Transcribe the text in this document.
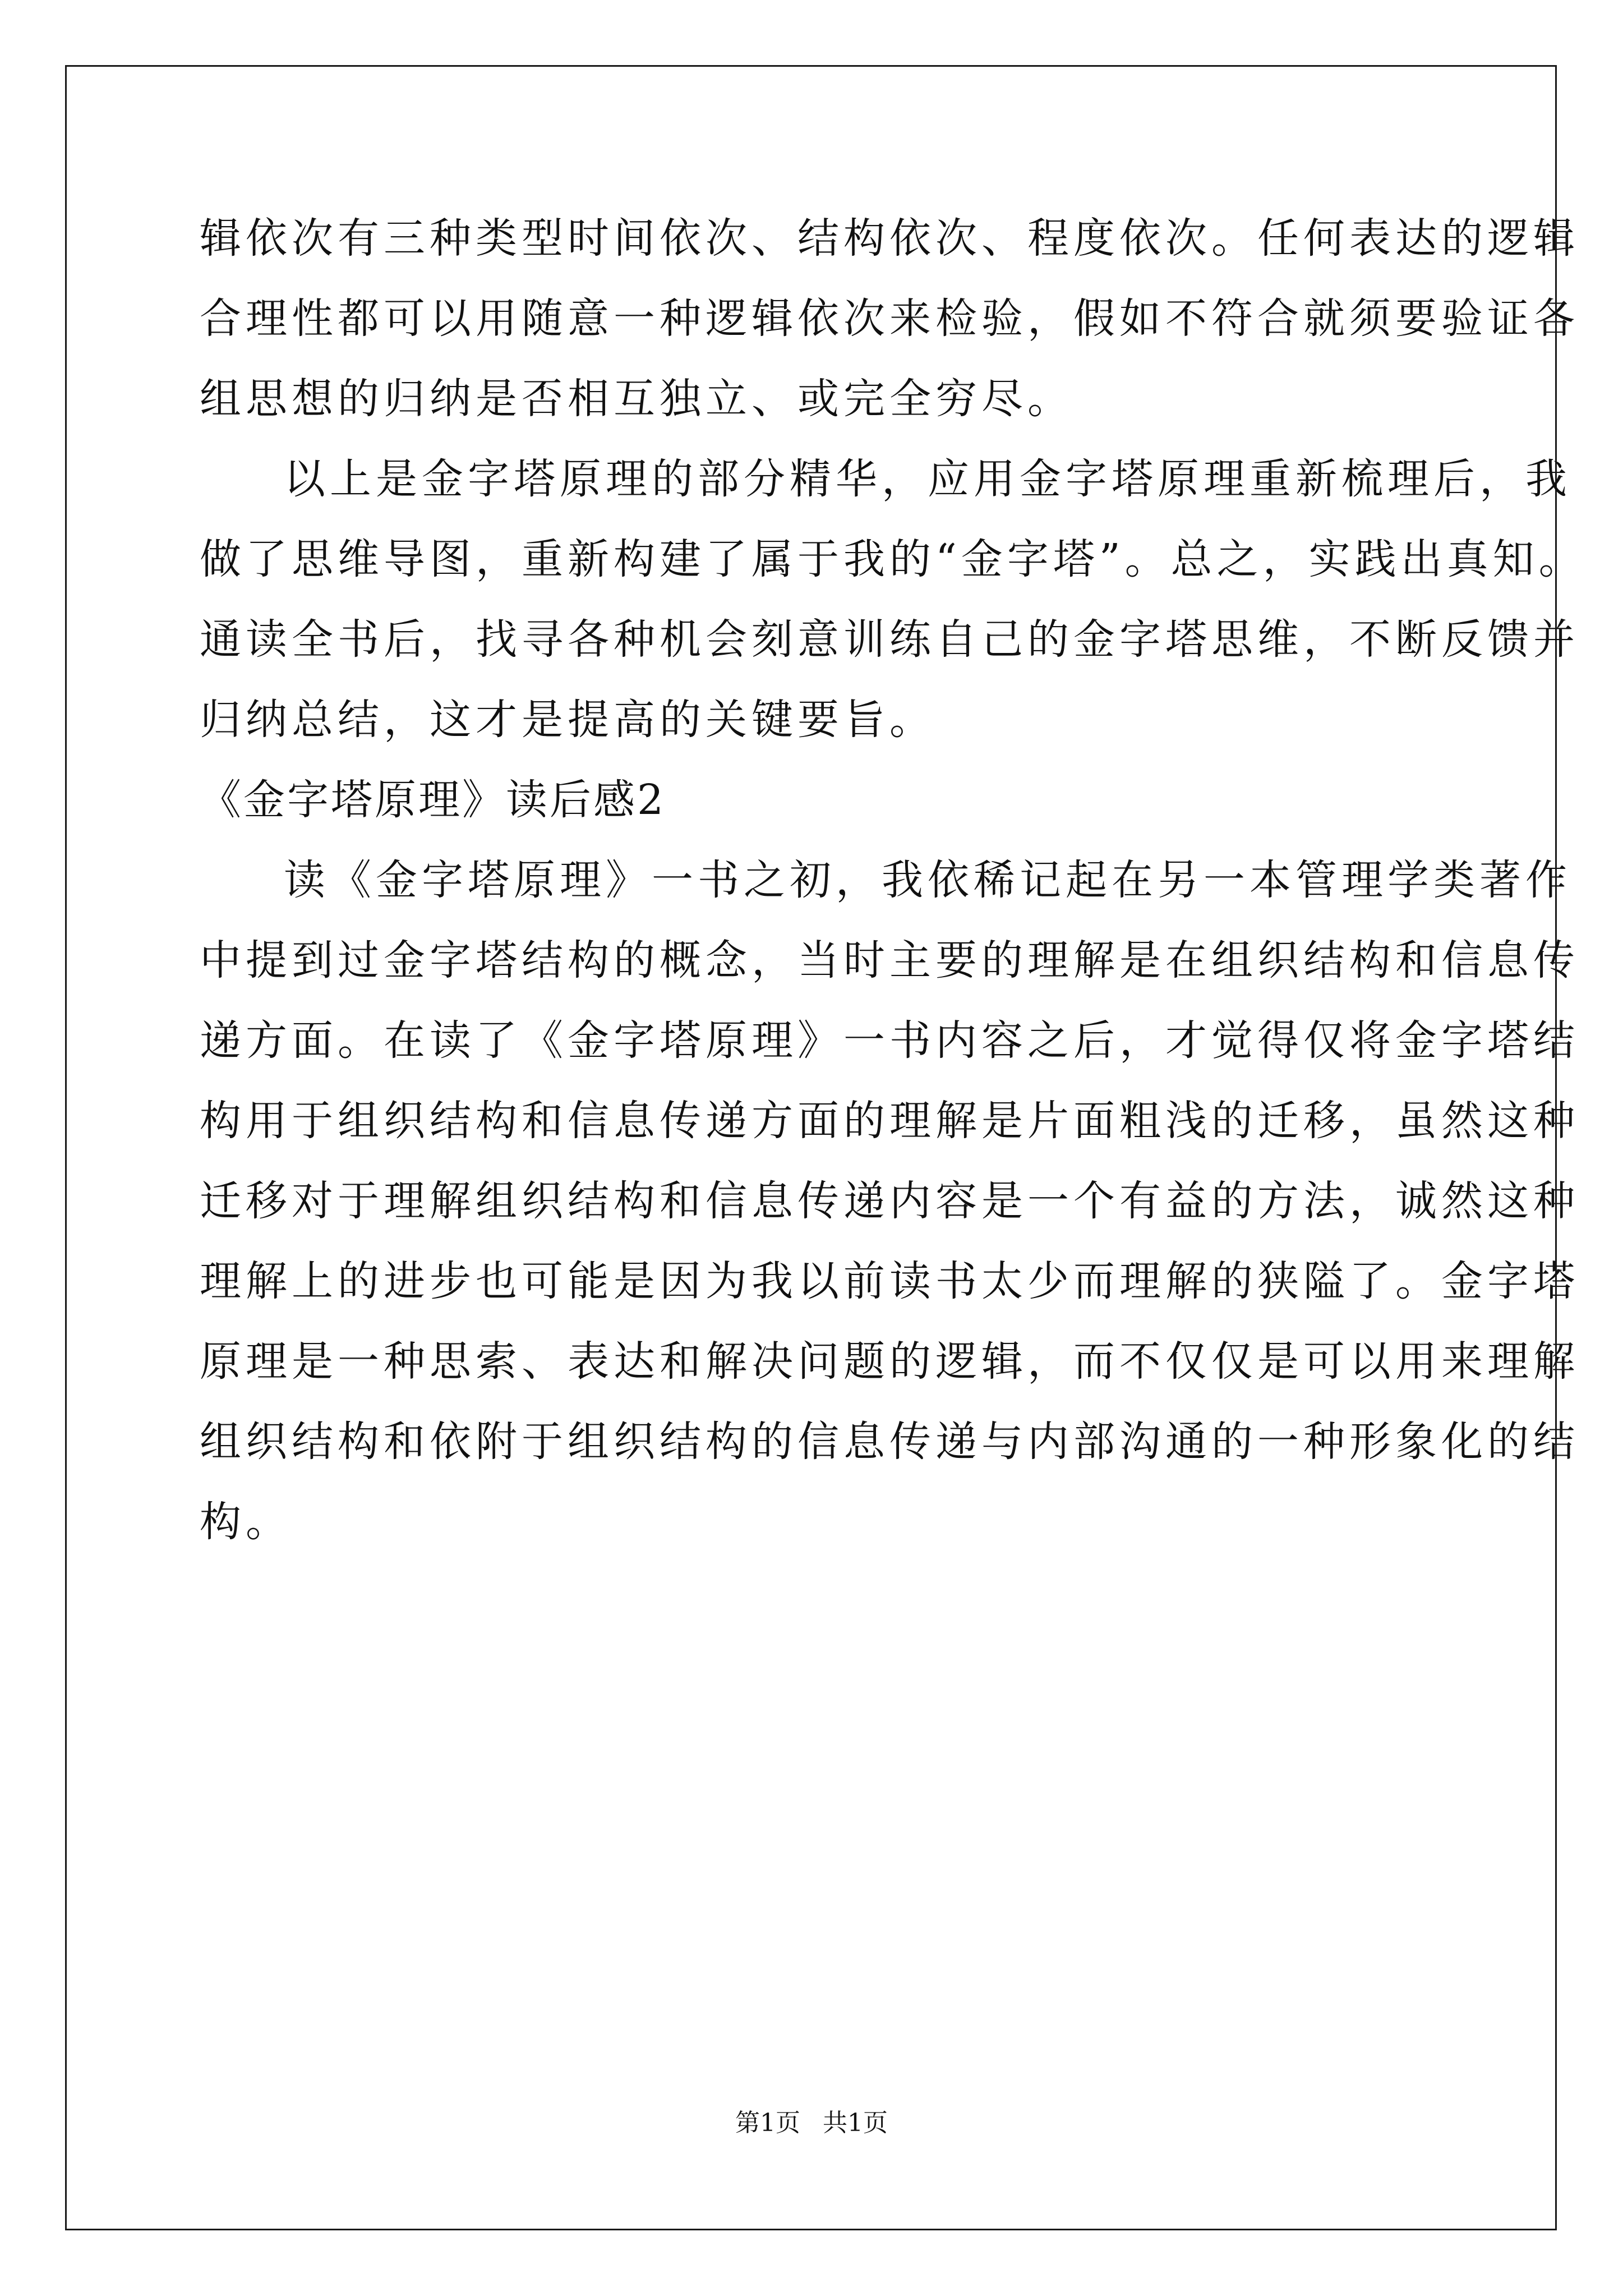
辑依次有三种类型时间依次、结构依次、程度依次。任何表达的逻辑
合理性都可以用随意一种逻辑依次来检验，假如不符合就须要验证各
组思想的归纳是否相互独立、或完全穷尽。
以上是金字塔原理的部分精华，应用金字塔原理重新梳理后，我
做了思维导图，重新构建了属于我的“金字塔”。总之，实践出真知。
通读全书后，找寻各种机会刻意训练自己的金字塔思维，不断反馈并
归纳总结，这才是提高的关键要旨。
《金字塔原理》读后感2
读《金字塔原理》一书之初，我依稀记起在另一本管理学类著作
中提到过金字塔结构的概念，当时主要的理解是在组织结构和信息传
递方面。在读了《金字塔原理》一书内容之后，才觉得仅将金字塔结
构用于组织结构和信息传递方面的理解是片面粗浅的迁移，虽然这种
迁移对于理解组织结构和信息传递内容是一个有益的方法，诚然这种
理解上的进步也可能是因为我以前读书太少而理解的狭隘了。金字塔
原理是一种思索、表达和解决问题的逻辑，而不仅仅是可以用来理解
组织结构和依附于组织结构的信息传递与内部沟通的一种形象化的结
构。
第1页 共1页
